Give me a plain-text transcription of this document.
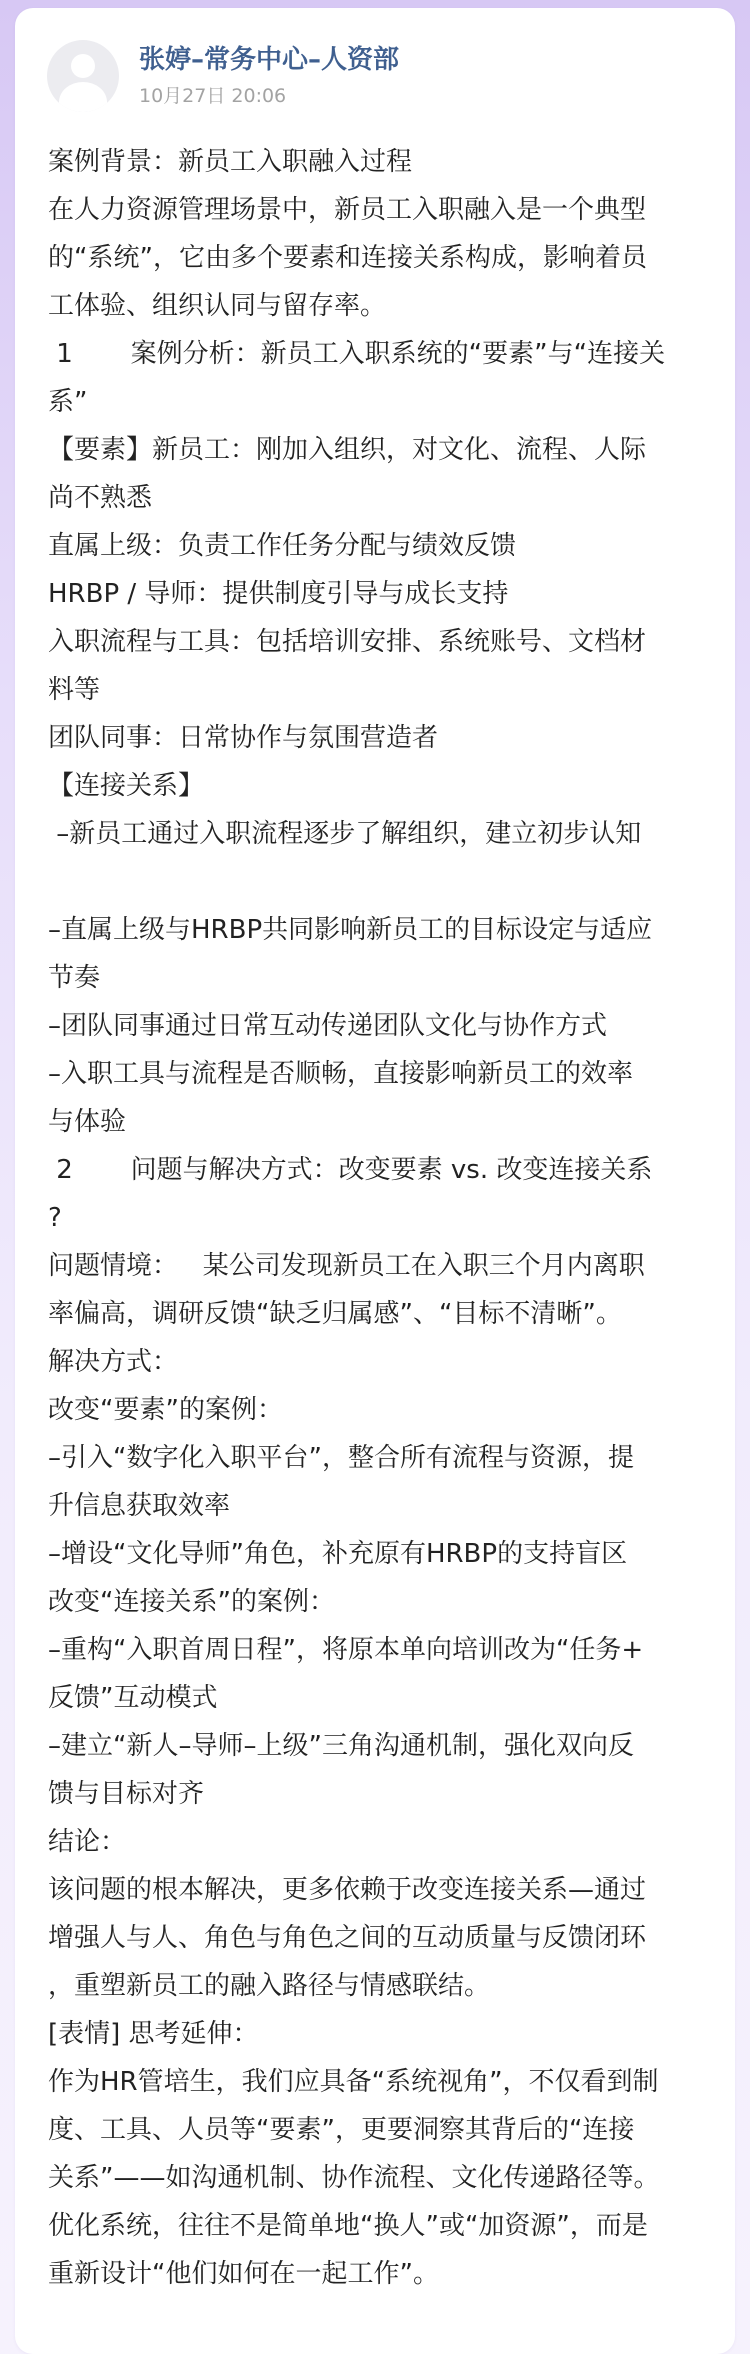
张婷–常务中心–人资部
10月27日 20:06
案例背景：新员工入职融入过程
在人力资源管理场景中，新员工入职融入是一个典型
的“系统”，它由多个要素和连接关系构成，影响着员
工体验、组织认同与留存率。
1       案例分析：新员工入职系统的“要素”与“连接关
系”
【要素】新员工：刚加入组织，对文化、流程、人际
尚不熟悉
直属上级：负责工作任务分配与绩效反馈
HRBP / 导师：提供制度引导与成长支持
入职流程与工具：包括培训安排、系统账号、文档材
料等
团队同事：日常协作与氛围营造者
【连接关系】
–新员工通过入职流程逐步了解组织，建立初步认知
–直属上级与HRBP共同影响新员工的目标设定与适应
节奏
–团队同事通过日常互动传递团队文化与协作方式
–入职工具与流程是否顺畅，直接影响新员工的效率
与体验
2       问题与解决方式：改变要素 vs. 改变连接关系
?
问题情境：   某公司发现新员工在入职三个月内离职
率偏高，调研反馈“缺乏归属感”、“目标不清晰”。
解决方式：
改变“要素”的案例：
–引入“数字化入职平台”，整合所有流程与资源，提
升信息获取效率
–增设“文化导师”角色，补充原有HRBP的支持盲区
改变“连接关系”的案例：
–重构“入职首周日程”，将原本单向培训改为“任务+
反馈”互动模式
–建立“新人–导师–上级”三角沟通机制，强化双向反
馈与目标对齐
结论：
该问题的根本解决，更多依赖于改变连接关系—通过
增强人与人、角色与角色之间的互动质量与反馈闭环
，重塑新员工的融入路径与情感联结。
[表情] 思考延伸：
作为HR管培生，我们应具备“系统视角”，不仅看到制
度、工具、人员等“要素”，更要洞察其背后的“连接
关系”——如沟通机制、协作流程、文化传递路径等。
优化系统，往往不是简单地“换人”或“加资源”，而是
重新设计“他们如何在一起工作”。
